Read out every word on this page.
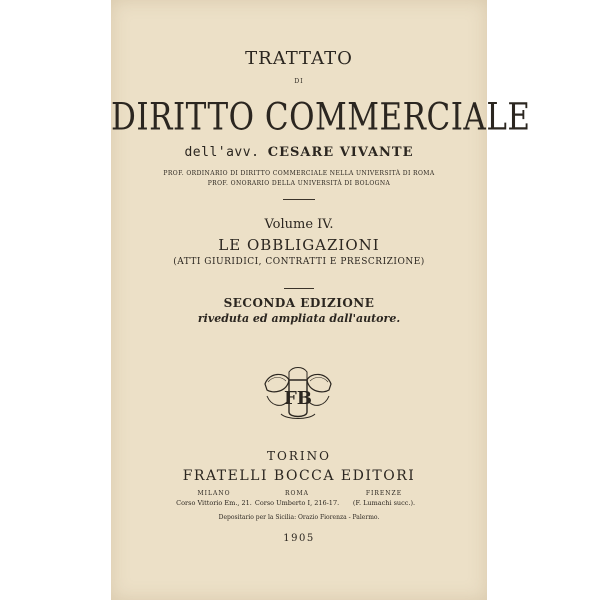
TRATTATO
DI
DIRITTO COMMERCIALE
dell'avv. CESARE VIVANTE
PROF. ORDINARIO DI DIRITTO COMMERCIALE NELLA UNIVERSITÀ DI ROMA
PROF. ONORARIO DELLA UNIVERSITÀ DI BOLOGNA
Volume IV.
LE OBBLIGAZIONI
(ATTI GIURIDICI, CONTRATTI E PRESCRIZIONE)
SECONDA EDIZIONE
riveduta ed ampliata dall'autore.
FB
TORINO
FRATELLI BOCCA EDITORI
MILANO
Corso Vittorio Em., 21.
ROMA
Corso Umberto I, 216-17.
FIRENZE
(F. Lumachi succ.).
Depositario per la Sicilia: Orazio Fiorenza - Palermo.
1905
